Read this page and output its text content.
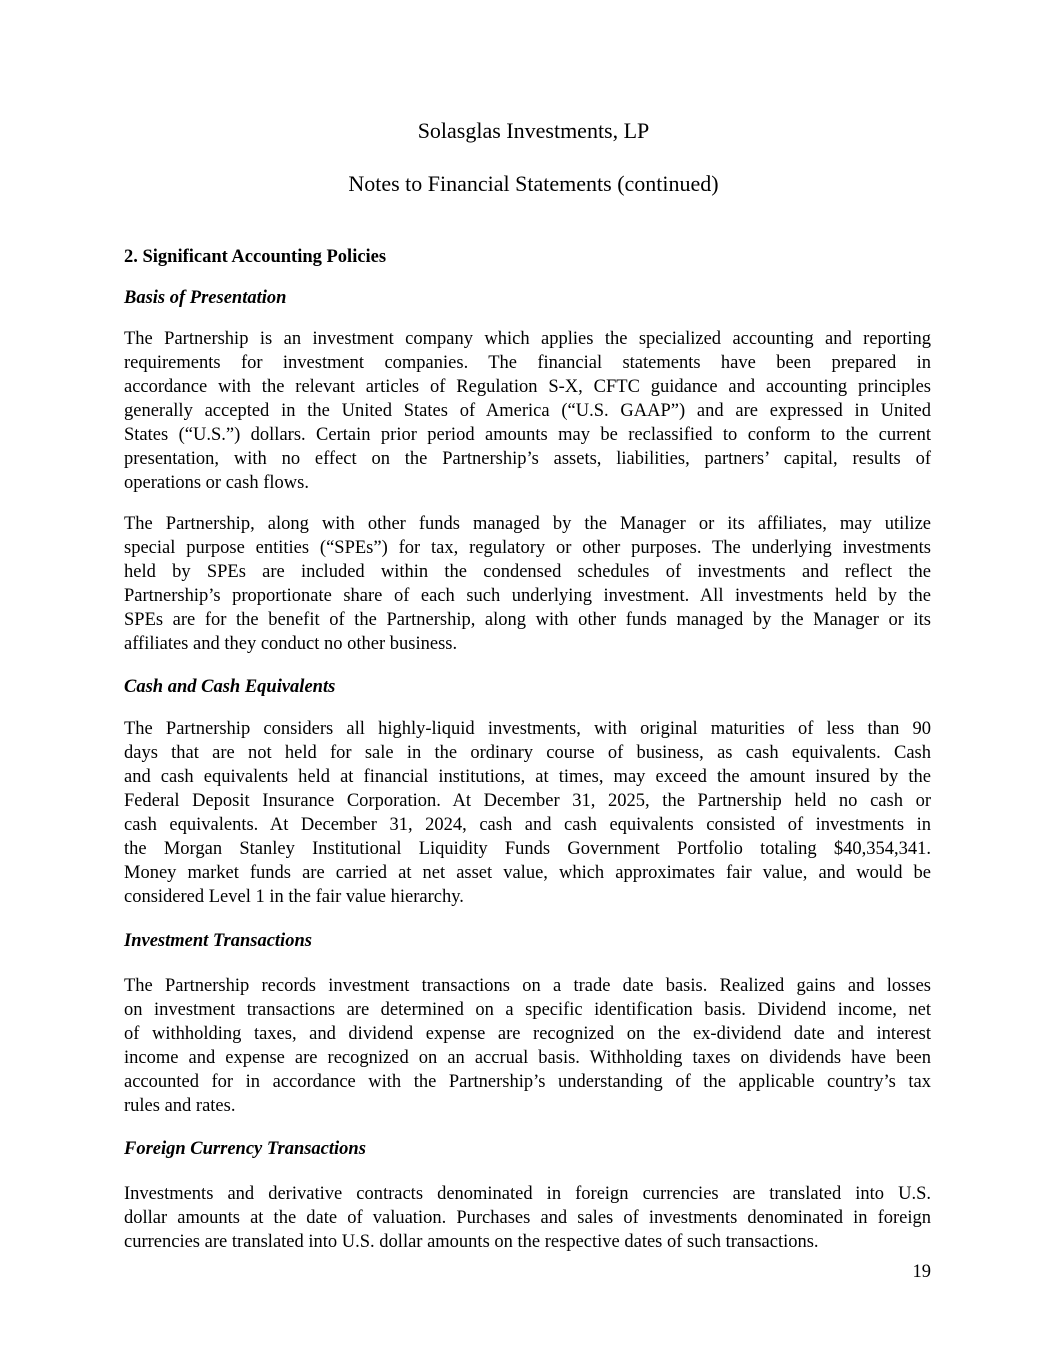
Solasglas Investments, LP
Notes to Financial Statements (continued)
2. Significant Accounting Policies
Basis of Presentation
The Partnership is an investment company which applies the specialized accounting and reporting
requirements for investment companies. The financial statements have been prepared in
accordance with the relevant articles of Regulation S-X, CFTC guidance and accounting principles
generally accepted in the United States of America (“U.S. GAAP”) and are expressed in United
States (“U.S.”) dollars. Certain prior period amounts may be reclassified to conform to the current
presentation, with no effect on the Partnership’s assets, liabilities, partners’ capital, results of
operations or cash flows.
The Partnership, along with other funds managed by the Manager or its affiliates, may utilize
special purpose entities (“SPEs”) for tax, regulatory or other purposes. The underlying investments
held by SPEs are included within the condensed schedules of investments and reflect the
Partnership’s proportionate share of each such underlying investment. All investments held by the
SPEs are for the benefit of the Partnership, along with other funds managed by the Manager or its
affiliates and they conduct no other business.
Cash and Cash Equivalents
The Partnership considers all highly-liquid investments, with original maturities of less than 90
days that are not held for sale in the ordinary course of business, as cash equivalents. Cash
and cash equivalents held at financial institutions, at times, may exceed the amount insured by the
Federal Deposit Insurance Corporation. At December 31, 2025, the Partnership held no cash or
cash equivalents. At December 31, 2024, cash and cash equivalents consisted of investments in
the Morgan Stanley Institutional Liquidity Funds Government Portfolio totaling $40,354,341.
Money market funds are carried at net asset value, which approximates fair value, and would be
considered Level 1 in the fair value hierarchy.
Investment Transactions
The Partnership records investment transactions on a trade date basis. Realized gains and losses
on investment transactions are determined on a specific identification basis. Dividend income, net
of withholding taxes, and dividend expense are recognized on the ex-dividend date and interest
income and expense are recognized on an accrual basis. Withholding taxes on dividends have been
accounted for in accordance with the Partnership’s understanding of the applicable country’s tax
rules and rates.
Foreign Currency Transactions
Investments and derivative contracts denominated in foreign currencies are translated into U.S.
dollar amounts at the date of valuation. Purchases and sales of investments denominated in foreign
currencies are translated into U.S. dollar amounts on the respective dates of such transactions.
19
